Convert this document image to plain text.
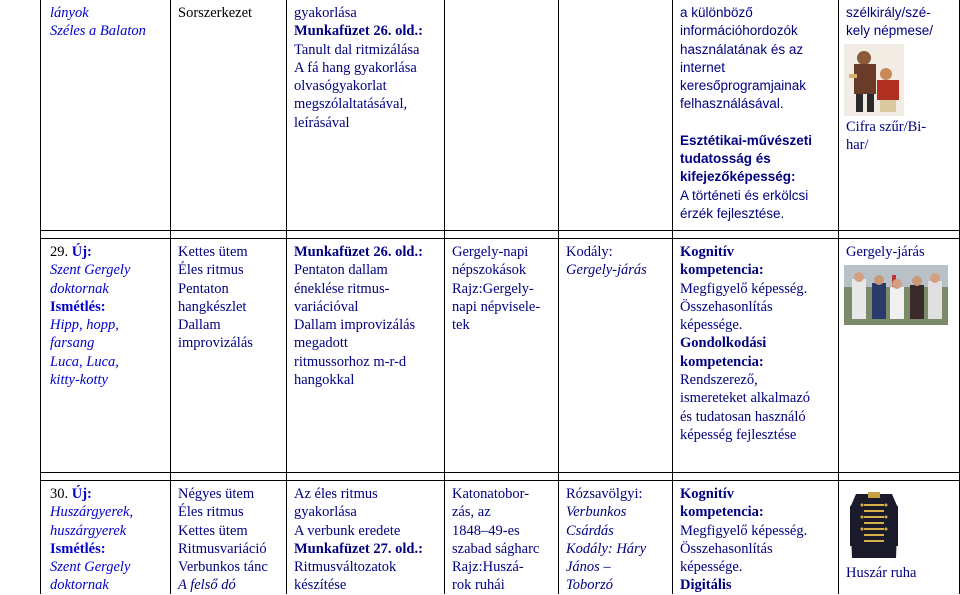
lányok
Széles a Balaton
Sorszerkezet	gyakorlása
Munkafüzet 26. old.:
Tanult dal ritmizálása
A fá hang gyakorlása
olvasógyakorlat
megszólaltatásával,
leírásával
a különböző
információhordozók
használatának és az
internet
keresőprogramjainak
felhasználásával.
Esztétikai-művészeti
tudatosság és
kifejezőképesség:
A történeti és erkölcsi
érzék fejlesztése.
szélkirály/szé-
kely népmese/
Cifra szűr/Bi-
har/
29. Új:
Szent Gergely
doktornak
Ismétlés:
Hipp, hopp,
farsang
Luca, Luca,
kitty-kotty
Kettes ütem
Éles ritmus
Pentaton
hangkészlet
Dallam
improvizálás
Munkafüzet 26. old.:
Pentaton dallam
éneklése ritmus-
variációval
Dallam improvizálás
megadott
ritmussorhoz m-r-d
hangokkal
Gergely-napi
népszokások
Rajz:Gergely-
napi népvisele-
tek
Kodály:
Gergely-járás
Kognitív
kompetencia:
Megfigyelő képesség.
Összehasonlítás
képessége.
Gondolkodási
kompetencia:
Rendszerező,
ismereteket alkalmazó
és tudatosan használó
képesség fejlesztése
Gergely-járás
30. Új:
Huszárgyerek,
huszárgyerek
Ismétlés:
Szent Gergely
doktornak
Négyes ütem
Éles ritmus
Kettes ütem
Ritmusvariáció
Verbunkos tánc
A felső dó
Az éles ritmus
gyakorlása
A verbunk eredete
Munkafüzet 27. old.:
Ritmusváltozatok
készítése
Katonatobor-
zás, az
1848–49-es
szabad ságharc
Rajz:Huszá-
rok ruhái
Rózsavölgyi:
Verbunkos
Csárdás
Kodály: Háry
János –
Toborzó
Kognitív
kompetencia:
Megfigyelő képesség.
Összehasonlítás
képessége.
Digitális
Huszár ruha
